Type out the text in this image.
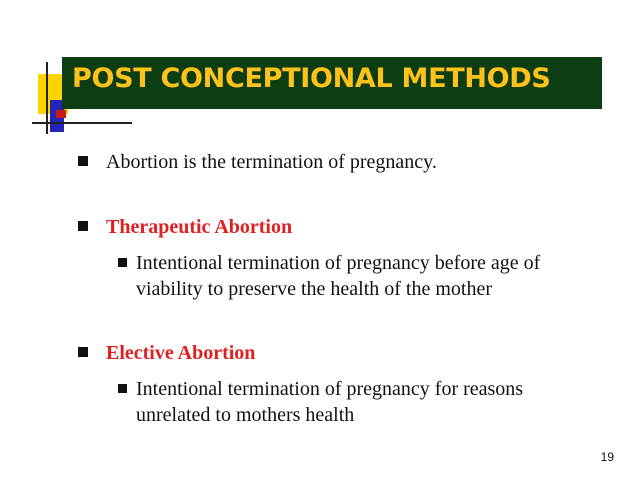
POST CONCEPTIONAL METHODS
Abortion is the termination of pregnancy.
Therapeutic Abortion
Intentional termination of pregnancy before age of viability to preserve the health of the mother
Elective Abortion
Intentional termination of pregnancy for reasons unrelated to mothers health
19
